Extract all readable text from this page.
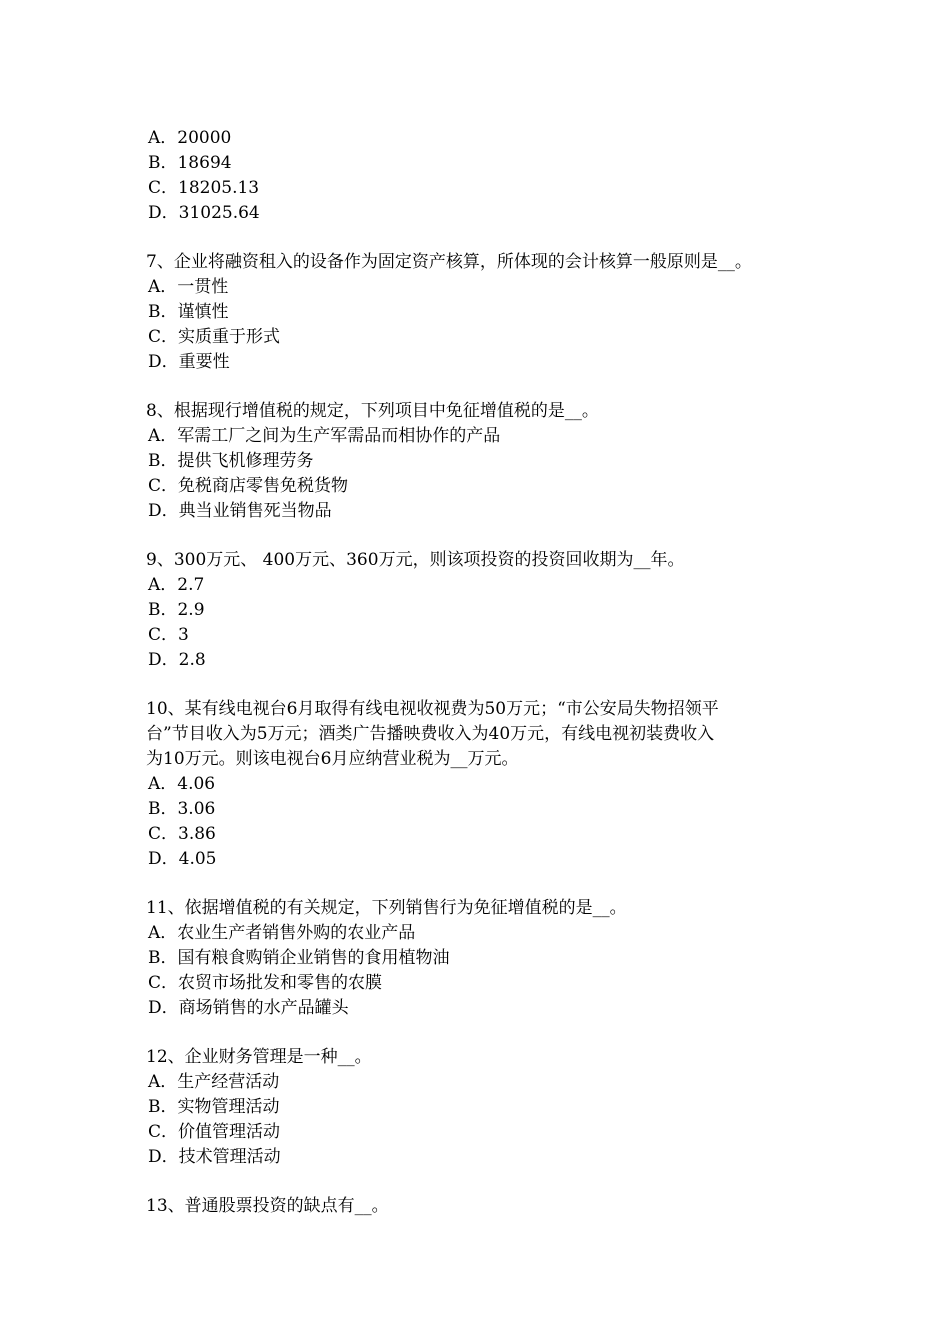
A．20000
B．18694
C．18205.13
D．31025.64
7、企业将融资租入的设备作为固定资产核算，所体现的会计核算一般原则是__。
A．一贯性
B．谨慎性
C．实质重于形式
D．重要性
8、根据现行增值税的规定，下列项目中免征增值税的是__。
A．军需工厂之间为生产军需品而相协作的产品
B．提供飞机修理劳务
C．免税商店零售免税货物
D．典当业销售死当物品
9、300万元、 400万元、360万元，则该项投资的投资回收期为__年。
A．2.7
B．2.9
C．3
D．2.8
10、某有线电视台6月取得有线电视收视费为50万元；“市公安局失物招领平
台”节目收入为5万元；酒类广告播映费收入为40万元，有线电视初装费收入
为10万元。则该电视台6月应纳营业税为__万元。
A．4.06
B．3.06
C．3.86
D．4.05
11、依据增值税的有关规定，下列销售行为免征增值税的是__。
A．农业生产者销售外购的农业产品
B．国有粮食购销企业销售的食用植物油
C．农贸市场批发和零售的农膜
D．商场销售的水产品罐头
12、企业财务管理是一种__。
A．生产经营活动
B．实物管理活动
C．价值管理活动
D．技术管理活动
13、普通股票投资的缺点有__。
